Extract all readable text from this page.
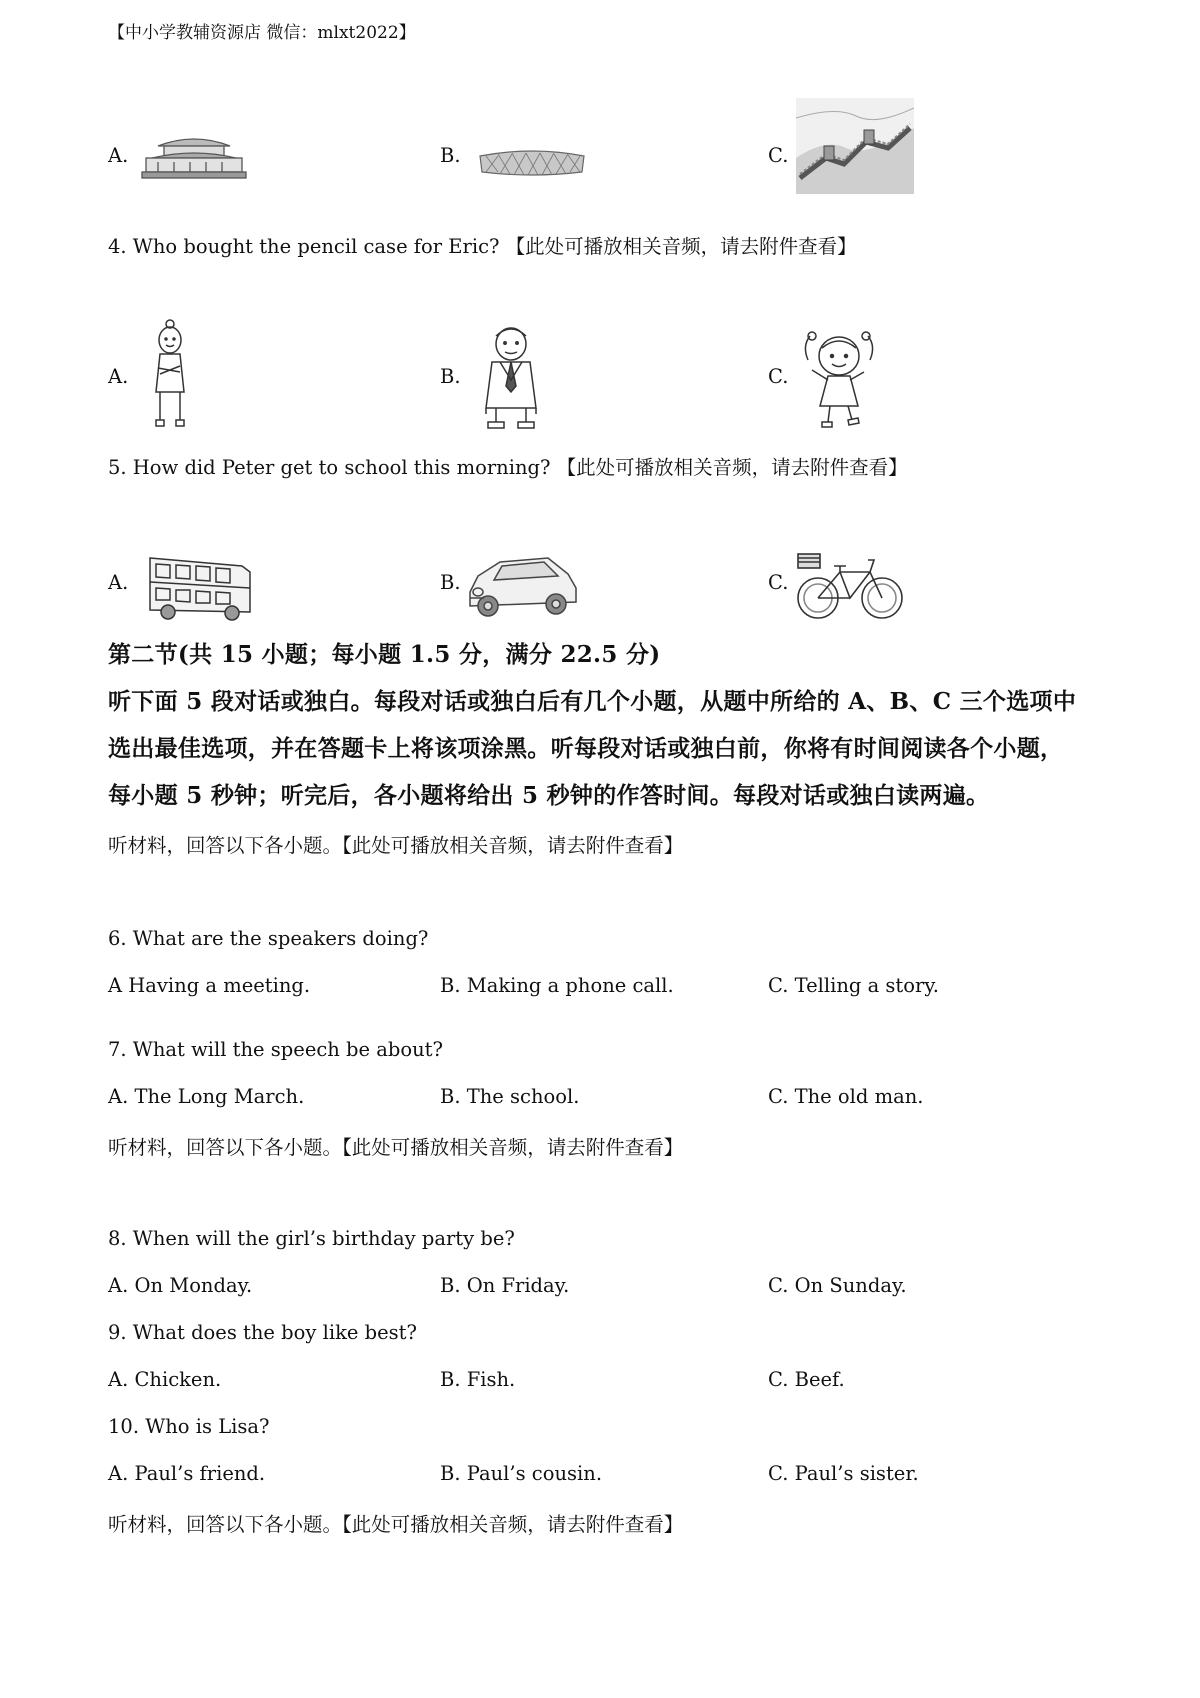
【中小学教辅资源店 微信：mlxt2022】
A.	B.	C.
4. Who bought the pencil case for Eric? 【此处可播放相关音频，请去附件查看】
A.	B.	C.
5. How did Peter get to school this morning? 【此处可播放相关音频，请去附件查看】
A.	B.	C.
第二节(共 15 小题；每小题 1.5 分，满分 22.5 分)
听下面 5 段对话或独白。每段对话或独白后有几个小题，从题中所给的 A、B、C 三个选项中
选出最佳选项，并在答题卡上将该项涂黑。听每段对话或独白前，你将有时间阅读各个小题，
每小题 5 秒钟；听完后，各小题将给出 5 秒钟的作答时间。每段对话或独白读两遍。
听材料，回答以下各小题。【此处可播放相关音频，请去附件查看】
6. What are the speakers doing?
A Having a meeting.	B. Making a phone call.	C. Telling a story.
7. What will the speech be about?
A. The Long March.	B. The school.	C. The old man.
听材料，回答以下各小题。【此处可播放相关音频，请去附件查看】
8. When will the girl’s birthday party be?
A. On Monday.	B. On Friday.	C. On Sunday.
9. What does the boy like best?
A. Chicken.	B. Fish.	C. Beef.
10. Who is Lisa?
A. Paul’s friend.	B. Paul’s cousin.	C. Paul’s sister.
听材料，回答以下各小题。【此处可播放相关音频，请去附件查看】
